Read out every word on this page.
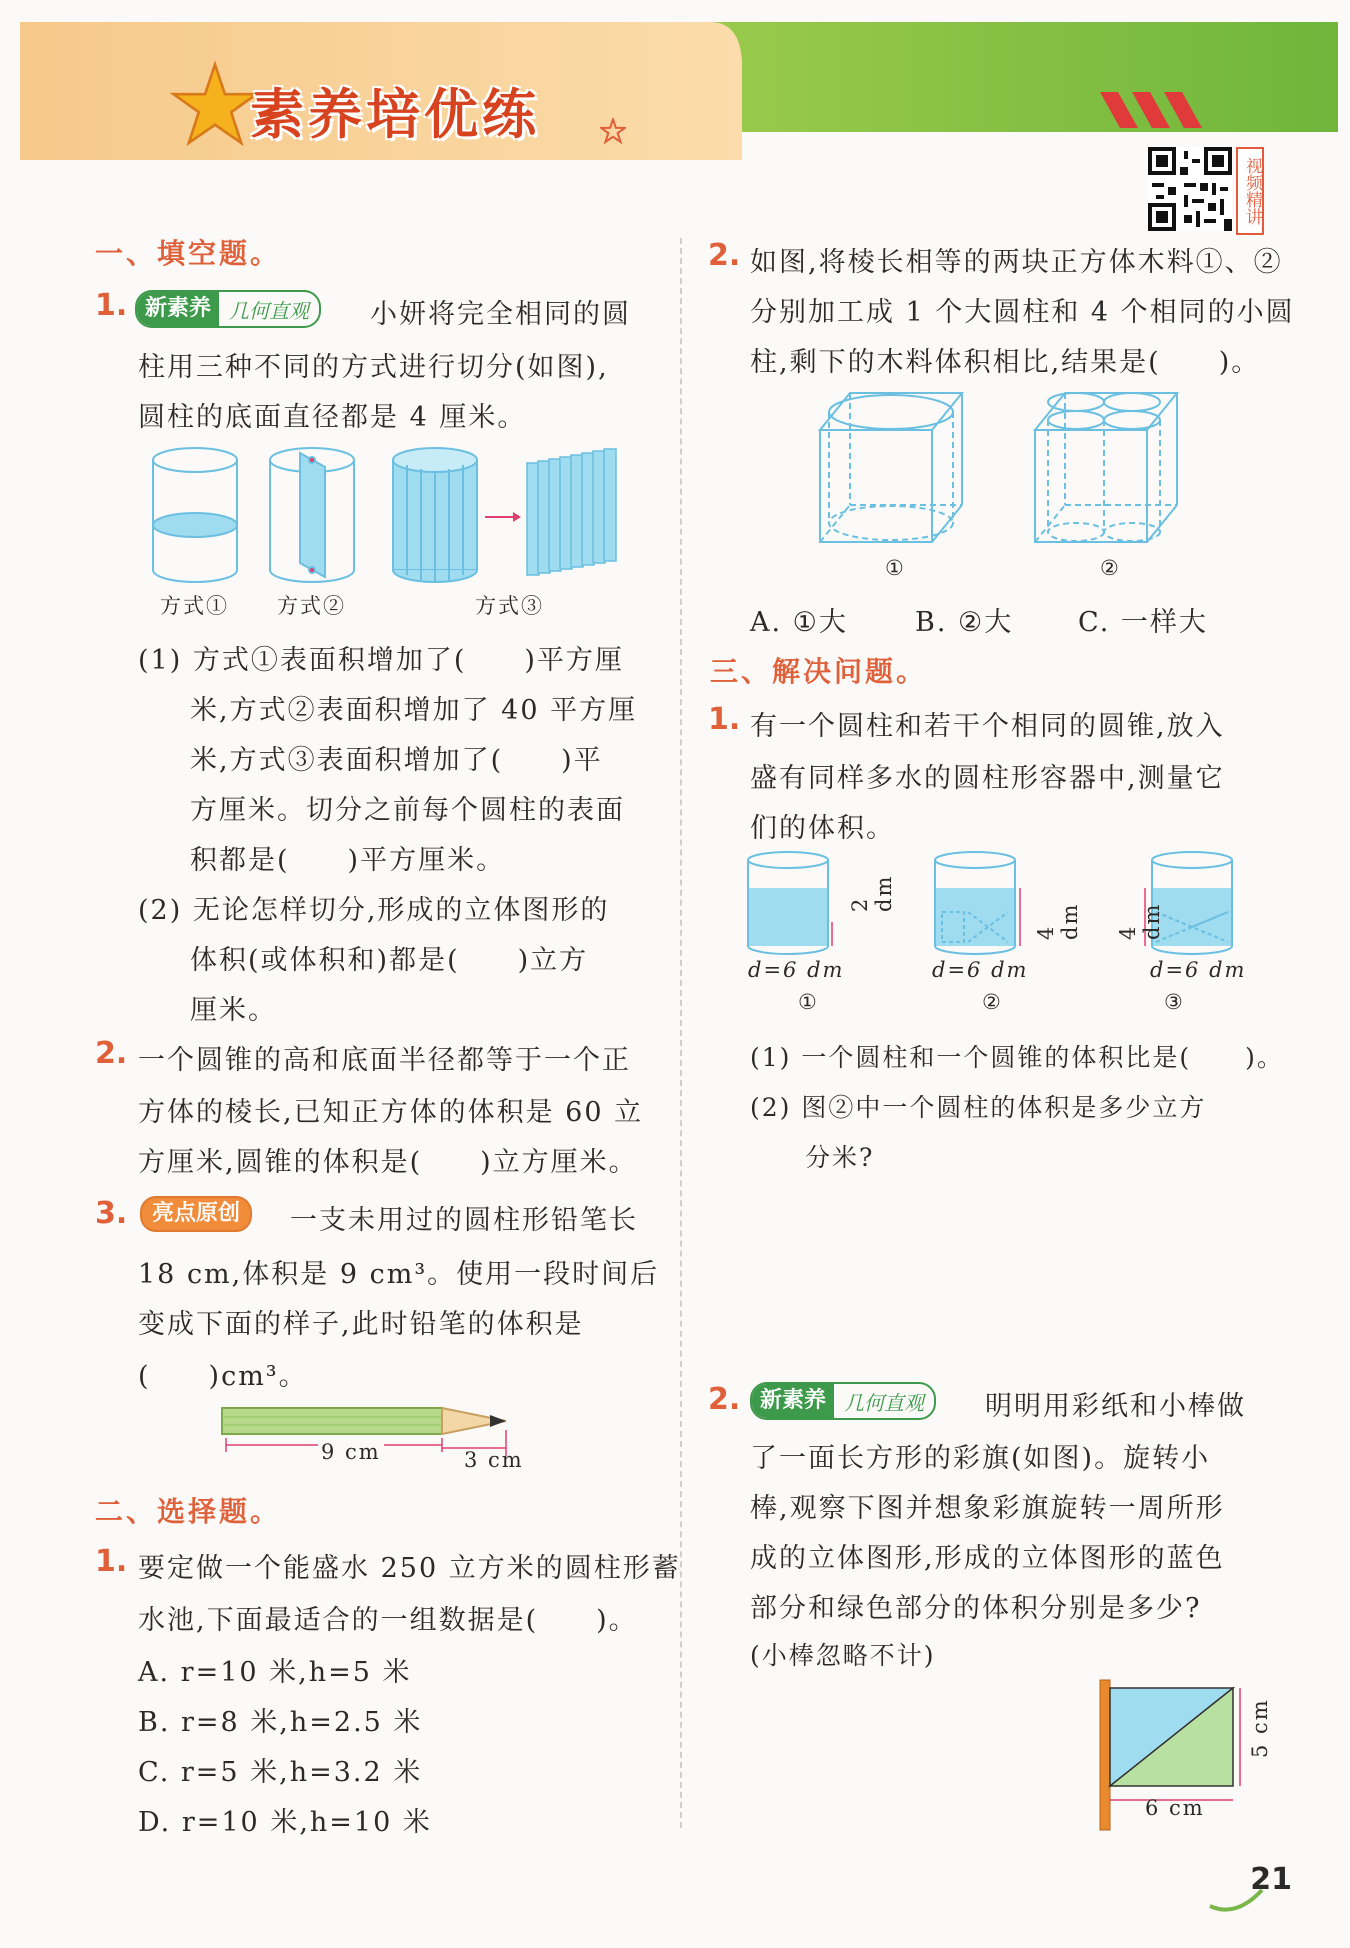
素养培优练
视频精讲
一、填空题。
1. 新素养 几何直观	小妍将完全相同的圆
柱用三种不同的方式进行切分(如图),
圆柱的底面直径都是 4 厘米。
方式① 方式②	方式③
(1) 方式①表面积增加了(　　)平方厘
米,方式②表面积增加了 40 平方厘
米,方式③表面积增加了(　　)平
方厘米。切分之前每个圆柱的表面
积都是(　　)平方厘米。
(2) 无论怎样切分,形成的立体图形的
体积(或体积和)都是(　　)立方
厘米。
2. 一个圆锥的高和底面半径都等于一个正
方体的棱长,已知正方体的体积是 60 立
方厘米,圆锥的体积是(　　)立方厘米。
3.	亮点原创	一支未用过的圆柱形铅笔长
18 cm,体积是 9 cm³。使用一段时间后
变成下面的样子,此时铅笔的体积是
(　　)cm³。
9 cm	3 cm
二、选择题。
1. 要定做一个能盛水 250 立方米的圆柱形蓄
水池,下面最适合的一组数据是(　　)。
A. r=10 米,h=5 米
B. r=8 米,h=2.5 米
C. r=5 米,h=3.2 米
D. r=10 米,h=10 米
2. 如图,将棱长相等的两块正方体木料①、②
分别加工成 1 个大圆柱和 4 个相同的小圆
柱,剩下的木料体积相比,结果是(　　)。
①	②
A. ①大 B. ②大 C. 一样大
三、解决问题。
1. 有一个圆柱和若干个相同的圆锥,放入
盛有同样多水的圆柱形容器中,测量它
们的体积。
2 dm
4 dm 4 dm
d=6 dm	d=6 dm	d=6 dm
①	②	③
(1) 一个圆柱和一个圆锥的体积比是(　　)。
(2) 图②中一个圆柱的体积是多少立方
分米?
2. 新素养 几何直观	明明用彩纸和小棒做
了一面长方形的彩旗(如图)。旋转小
棒,观察下图并想象彩旗旋转一周所形
成的立体图形,形成的立体图形的蓝色
部分和绿色部分的体积分别是多少?
(小棒忽略不计)
6 cm
5 cm
21
